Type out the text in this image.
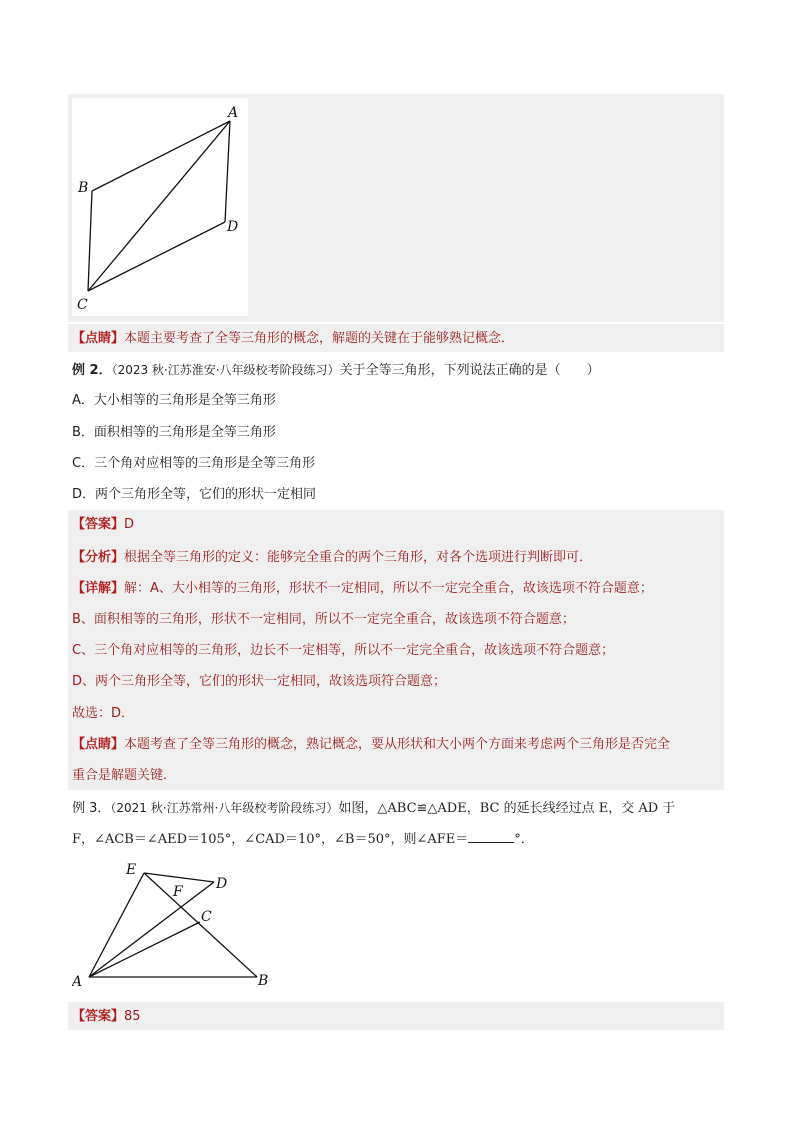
A
B
D
C
【点睛】本题主要考查了全等三角形的概念，解题的关键在于能够熟记概念．
例 2．（2023 秋·江苏淮安·八年级校考阶段练习）关于全等三角形，下列说法正确的是（　　）
A．大小相等的三角形是全等三角形
B．面积相等的三角形是全等三角形
C．三个角对应相等的三角形是全等三角形
D．两个三角形全等，它们的形状一定相同
【答案】D
【分析】根据全等三角形的定义：能够完全重合的两个三角形，对各个选项进行判断即可．
【详解】解：A、大小相等的三角形，形状不一定相同，所以不一定完全重合，故该选项不符合题意；
B、面积相等的三角形，形状不一定相同，所以不一定完全重合，故该选项不符合题意；
C、三个角对应相等的三角形，边长不一定相等，所以不一定完全重合，故该选项不符合题意；
D、两个三角形全等，它们的形状一定相同，故该选项符合题意；
故选：D．
【点睛】本题考查了全等三角形的概念，熟记概念，要从形状和大小两个方面来考虑两个三角形是否完全
重合是解题关键．
例 3．（2021 秋·江苏常州·八年级校考阶段练习）如图，△ABC≌△ADE，BC 的延长线经过点 E，交 AD 于
F，∠ACB＝∠AED＝105°，∠CAD＝10°，∠B＝50°，则∠AFE＝	°．
E
F D
C
A	B
【答案】85
